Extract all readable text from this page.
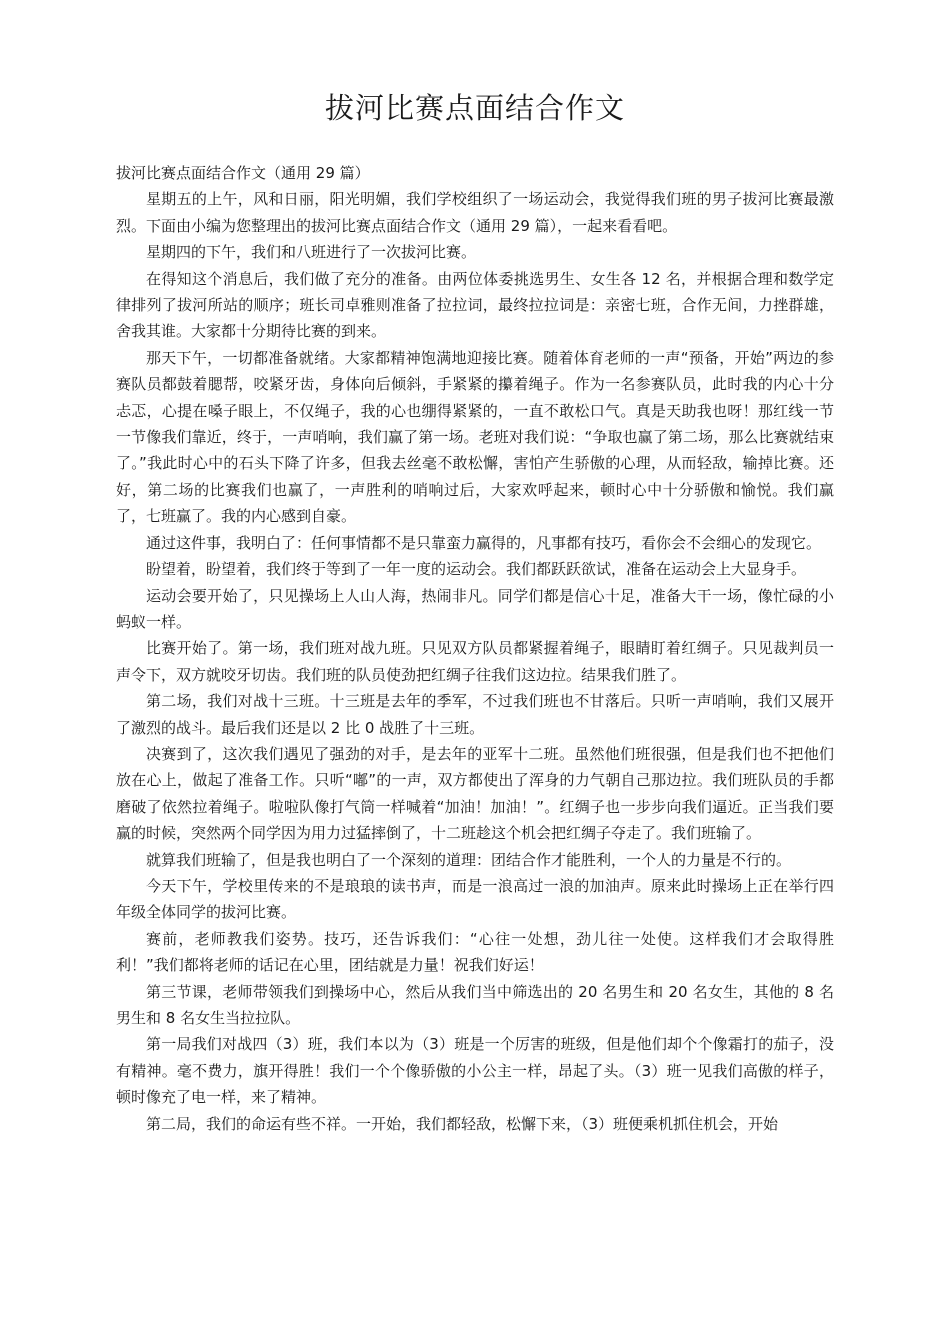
拔河比赛点面结合作文

拔河比赛点面结合作文（通用 29 篇）

星期五的上午，风和日丽，阳光明媚，我们学校组织了一场运动会，我觉得我们班的男子拔河比赛最激烈。下面由小编为您整理出的拔河比赛点面结合作文（通用 29 篇），一起来看看吧。

星期四的下午，我们和八班进行了一次拔河比赛。

在得知这个消息后，我们做了充分的准备。由两位体委挑选男生、女生各 12 名，并根据合理和数学定律排列了拔河所站的顺序；班长司卓雅则准备了拉拉词，最终拉拉词是：亲密七班，合作无间，力挫群雄，舍我其谁。大家都十分期待比赛的到来。

那天下午，一切都准备就绪。大家都精神饱满地迎接比赛。随着体育老师的一声“预备，开始”两边的参赛队员都鼓着腮帮，咬紧牙齿，身体向后倾斜，手紧紧的攥着绳子。作为一名参赛队员，此时我的内心十分忐忑，心提在嗓子眼上，不仅绳子，我的心也绷得紧紧的，一直不敢松口气。真是天助我也呀！那红线一节一节像我们靠近，终于，一声哨响，我们赢了第一场。老班对我们说：“争取也赢了第二场，那么比赛就结束了。”我此时心中的石头下降了许多，但我去丝毫不敢松懈，害怕产生骄傲的心理，从而轻敌，输掉比赛。还好，第二场的比赛我们也赢了，一声胜利的哨响过后，大家欢呼起来，顿时心中十分骄傲和愉悦。我们赢了，七班赢了。我的内心感到自豪。

通过这件事，我明白了：任何事情都不是只靠蛮力赢得的，凡事都有技巧，看你会不会细心的发现它。

盼望着，盼望着，我们终于等到了一年一度的运动会。我们都跃跃欲试，准备在运动会上大显身手。

运动会要开始了，只见操场上人山人海，热闹非凡。同学们都是信心十足，准备大干一场，像忙碌的小蚂蚁一样。

比赛开始了。第一场，我们班对战九班。只见双方队员都紧握着绳子，眼睛盯着红绸子。只见裁判员一声令下，双方就咬牙切齿。我们班的队员使劲把红绸子往我们这边拉。结果我们胜了。

第二场，我们对战十三班。十三班是去年的季军，不过我们班也不甘落后。只听一声哨响，我们又展开了激烈的战斗。最后我们还是以 2 比 0 战胜了十三班。

决赛到了，这次我们遇见了强劲的对手，是去年的亚军十二班。虽然他们班很强，但是我们也不把他们放在心上，做起了准备工作。只听“嘟”的一声，双方都使出了浑身的力气朝自己那边拉。我们班队员的手都磨破了依然拉着绳子。啦啦队像打气筒一样喊着“加油！加油！”。红绸子也一步步向我们逼近。正当我们要赢的时候，突然两个同学因为用力过猛摔倒了，十二班趁这个机会把红绸子夺走了。我们班输了。

就算我们班输了，但是我也明白了一个深刻的道理：团结合作才能胜利，一个人的力量是不行的。

今天下午，学校里传来的不是琅琅的读书声，而是一浪高过一浪的加油声。原来此时操场上正在举行四年级全体同学的拔河比赛。

赛前，老师教我们姿势。技巧，还告诉我们：“心往一处想，劲儿往一处使。这样我们才会取得胜利！”我们都将老师的话记在心里，团结就是力量！祝我们好运！

第三节课，老师带领我们到操场中心，然后从我们当中筛选出的 20 名男生和 20 名女生，其他的 8 名男生和 8 名女生当拉拉队。

第一局我们对战四（3）班，我们本以为（3）班是一个厉害的班级，但是他们却个个像霜打的茄子，没有精神。毫不费力，旗开得胜！我们一个个像骄傲的小公主一样，昂起了头。（3）班一见我们高傲的样子，顿时像充了电一样，来了精神。

第二局，我们的命运有些不祥。一开始，我们都轻敌，松懈下来，（3）班便乘机抓住机会，开始
